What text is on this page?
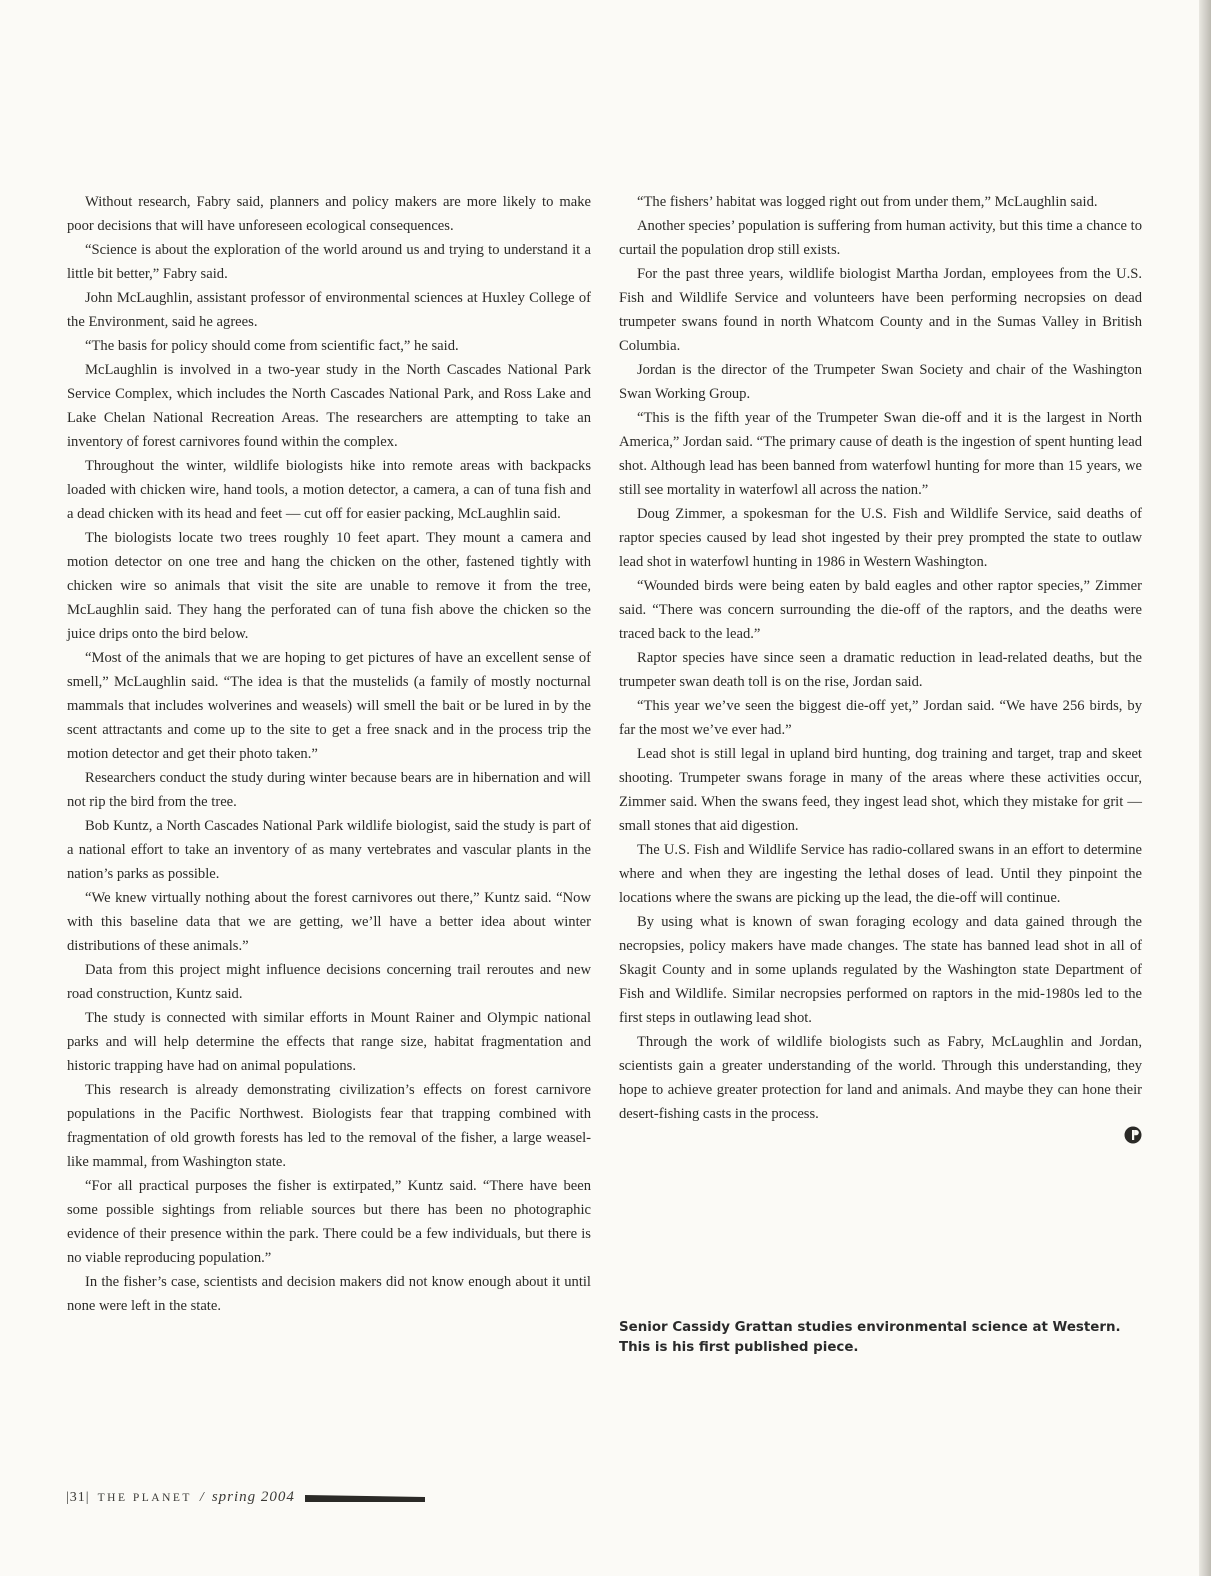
Without research, Fabry said, planners and policy makers are more likely to make poor decisions that will have unforeseen ecological consequences.

“Science is about the exploration of the world around us and trying to understand it a little bit better,” Fabry said.

John McLaughlin, assistant professor of environmental sciences at Huxley College of the Environment, said he agrees.

“The basis for policy should come from scientific fact,” he said.

McLaughlin is involved in a two-year study in the North Cascades National Park Service Complex, which includes the North Cascades National Park, and Ross Lake and Lake Chelan National Recreation Areas. The researchers are attempting to take an inventory of forest carnivores found within the complex.

Throughout the winter, wildlife biologists hike into remote areas with backpacks loaded with chicken wire, hand tools, a motion detector, a camera, a can of tuna fish and a dead chicken with its head and feet — cut off for easier packing, McLaughlin said.

The biologists locate two trees roughly 10 feet apart. They mount a camera and motion detector on one tree and hang the chicken on the other, fastened tightly with chicken wire so animals that visit the site are unable to remove it from the tree, McLaughlin said. They hang the perforated can of tuna fish above the chicken so the juice drips onto the bird below.

“Most of the animals that we are hoping to get pictures of have an excellent sense of smell,” McLaughlin said. “The idea is that the mustelids (a family of mostly nocturnal mammals that includes wolverines and weasels) will smell the bait or be lured in by the scent attractants and come up to the site to get a free snack and in the process trip the motion detector and get their photo taken.”

Researchers conduct the study during winter because bears are in hibernation and will not rip the bird from the tree.

Bob Kuntz, a North Cascades National Park wildlife biologist, said the study is part of a national effort to take an inventory of as many vertebrates and vascular plants in the nation’s parks as possible.

“We knew virtually nothing about the forest carnivores out there,” Kuntz said. “Now with this baseline data that we are getting, we’ll have a better idea about winter distributions of these animals.”

Data from this project might influence decisions concerning trail reroutes and new road construction, Kuntz said.

The study is connected with similar efforts in Mount Rainer and Olympic national parks and will help determine the effects that range size, habitat fragmentation and historic trapping have had on animal populations.

This research is already demonstrating civilization’s effects on forest carnivore populations in the Pacific Northwest. Biologists fear that trapping combined with fragmentation of old growth forests has led to the removal of the fisher, a large weasel-like mammal, from Washington state.

“For all practical purposes the fisher is extirpated,” Kuntz said. “There have been some possible sightings from reliable sources but there has been no photographic evidence of their presence within the park. There could be a few individuals, but there is no viable reproducing population.”

In the fisher’s case, scientists and decision makers did not know enough about it until none were left in the state.

“The fishers’ habitat was logged right out from under them,” McLaughlin said.

Another species’ population is suffering from human activity, but this time a chance to curtail the population drop still exists.

For the past three years, wildlife biologist Martha Jordan, employees from the U.S. Fish and Wildlife Service and volunteers have been performing necropsies on dead trumpeter swans found in north Whatcom County and in the Sumas Valley in British Columbia.

Jordan is the director of the Trumpeter Swan Society and chair of the Washington Swan Working Group.

“This is the fifth year of the Trumpeter Swan die-off and it is the largest in North America,” Jordan said. “The primary cause of death is the ingestion of spent hunting lead shot. Although lead has been banned from waterfowl hunting for more than 15 years, we still see mortality in waterfowl all across the nation.”

Doug Zimmer, a spokesman for the U.S. Fish and Wildlife Service, said deaths of raptor species caused by lead shot ingested by their prey prompted the state to outlaw lead shot in waterfowl hunting in 1986 in Western Washington.

“Wounded birds were being eaten by bald eagles and other raptor species,” Zimmer said. “There was concern surrounding the die-off of the raptors, and the deaths were traced back to the lead.”

Raptor species have since seen a dramatic reduction in lead-related deaths, but the trumpeter swan death toll is on the rise, Jordan said.

“This year we’ve seen the biggest die-off yet,” Jordan said. “We have 256 birds, by far the most we’ve ever had.”

Lead shot is still legal in upland bird hunting, dog training and target, trap and skeet shooting. Trumpeter swans forage in many of the areas where these activities occur, Zimmer said. When the swans feed, they ingest lead shot, which they mistake for grit — small stones that aid digestion.

The U.S. Fish and Wildlife Service has radio-collared swans in an effort to determine where and when they are ingesting the lethal doses of lead. Until they pinpoint the locations where the swans are picking up the lead, the die-off will continue.

By using what is known of swan foraging ecology and data gained through the necropsies, policy makers have made changes. The state has banned lead shot in all of Skagit County and in some uplands regulated by the Washington state Department of Fish and Wildlife. Similar necropsies performed on raptors in the mid-1980s led to the first steps in outlawing lead shot.

Through the work of wildlife biologists such as Fabry, McLaughlin and Jordan, scientists gain a greater understanding of the world. Through this understanding, they hope to achieve greater protection for land and animals. And maybe they can hone their desert-fishing casts in the process.

Senior Cassidy Grattan studies environmental science at Western. This is his first published piece.
|31| THE PLANET / spring 2004
